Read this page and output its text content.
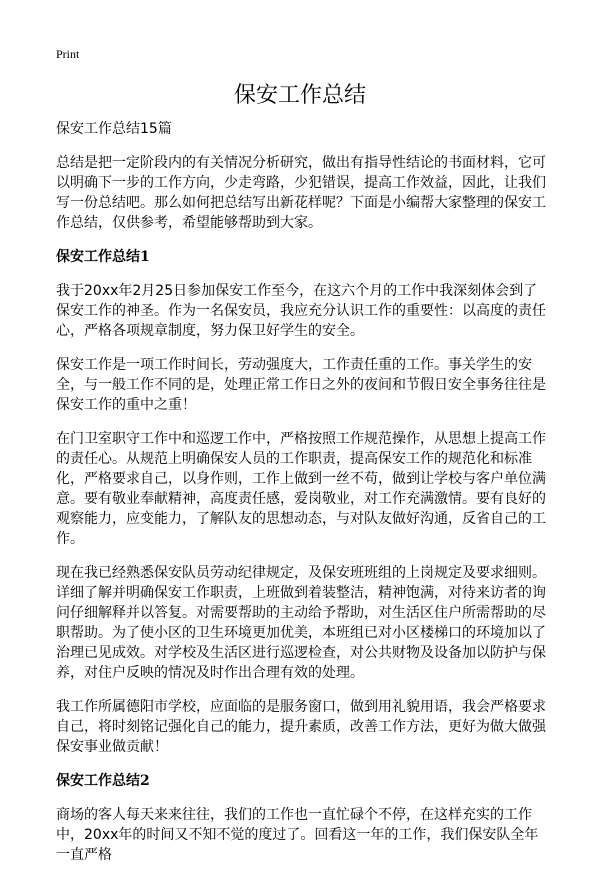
Print
保安工作总结

保安工作总结15篇

总结是把一定阶段内的有关情况分析研究，做出有指导性结论的书面材料，它可以明确下一步的工作方向，少走弯路，少犯错误，提高工作效益，因此，让我们写一份总结吧。那么如何把总结写出新花样呢？下面是小编帮大家整理的保安工作总结，仅供参考，希望能够帮助到大家。

保安工作总结1

我于20xx年2月25日参加保安工作至今，在这六个月的工作中我深刻体会到了保安工作的神圣。作为一名保安员，我应充分认识工作的重要性：以高度的责任心，严格各项规章制度，努力保卫好学生的安全。

保安工作是一项工作时间长，劳动强度大，工作责任重的工作。事关学生的安全，与一般工作不同的是，处理正常工作日之外的夜间和节假日安全事务往往是保安工作的重中之重！

在门卫室职守工作中和巡逻工作中，严格按照工作规范操作，从思想上提高工作的责任心。从规范上明确保安人员的工作职责，提高保安工作的规范化和标准化，严格要求自己，以身作则，工作上做到一丝不苟，做到让学校与客户单位满意。要有敬业奉献精神，高度责任感，爱岗敬业，对工作充满激情。要有良好的观察能力，应变能力，了解队友的思想动态，与对队友做好沟通，反省自己的工作。

现在我已经熟悉保安队员劳动纪律规定，及保安班班组的上岗规定及要求细则。详细了解并明确保安工作职责，上班做到着装整洁，精神饱满，对待来访者的询问仔细解释并以答复。对需要帮助的主动给予帮助，对生活区住户所需帮助的尽职帮助。为了使小区的卫生环境更加优美，本班组已对小区楼梯口的环境加以了治理已见成效。对学校及生活区进行巡逻检查，对公共财物及设备加以防护与保养，对住户反映的情况及时作出合理有效的处理。

我工作所属德阳市学校，应面临的是服务窗口，做到用礼貌用语，我会严格要求自己，将时刻铭记强化自己的能力，提升素质，改善工作方法，更好为做大做强保安事业做贡献！

保安工作总结2

商场的客人每天来来往往，我们的工作也一直忙碌个不停，在这样充实的工作中，20xx年的时间又不知不觉的度过了。回看这一年的工作，我们保安队全年一直严格
